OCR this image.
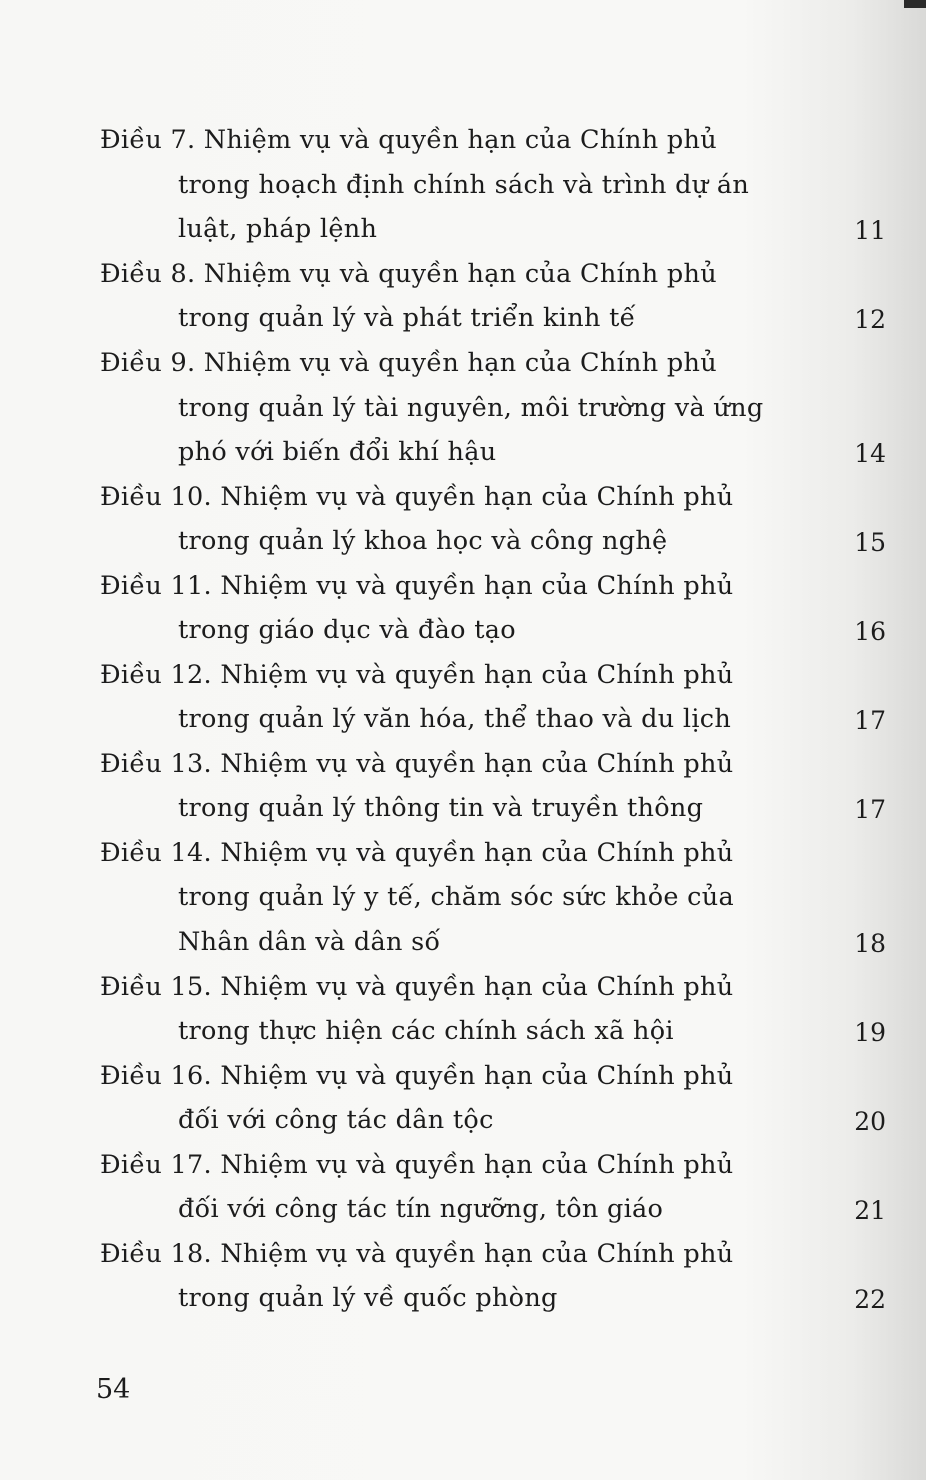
Điều 7. Nhiệm vụ và quyền hạn của Chính phủ
trong hoạch định chính sách và trình dự án
luật, pháp lệnh	11
Điều 8. Nhiệm vụ và quyền hạn của Chính phủ
trong quản lý và phát triển kinh tế	12
Điều 9. Nhiệm vụ và quyền hạn của Chính phủ
trong quản lý tài nguyên, môi trường và ứng
phó với biến đổi khí hậu	14
Điều 10. Nhiệm vụ và quyền hạn của Chính phủ
trong quản lý khoa học và công nghệ	15
Điều 11. Nhiệm vụ và quyền hạn của Chính phủ
trong giáo dục và đào tạo	16
Điều 12. Nhiệm vụ và quyền hạn của Chính phủ
trong quản lý văn hóa, thể thao và du lịch	17
Điều 13. Nhiệm vụ và quyền hạn của Chính phủ
trong quản lý thông tin và truyền thông	17
Điều 14. Nhiệm vụ và quyền hạn của Chính phủ
trong quản lý y tế, chăm sóc sức khỏe của
Nhân dân và dân số	18
Điều 15. Nhiệm vụ và quyền hạn của Chính phủ
trong thực hiện các chính sách xã hội	19
Điều 16. Nhiệm vụ và quyền hạn của Chính phủ
đối với công tác dân tộc	20
Điều 17. Nhiệm vụ và quyền hạn của Chính phủ
đối với công tác tín ngưỡng, tôn giáo	21
Điều 18. Nhiệm vụ và quyền hạn của Chính phủ
trong quản lý về quốc phòng	22
54
